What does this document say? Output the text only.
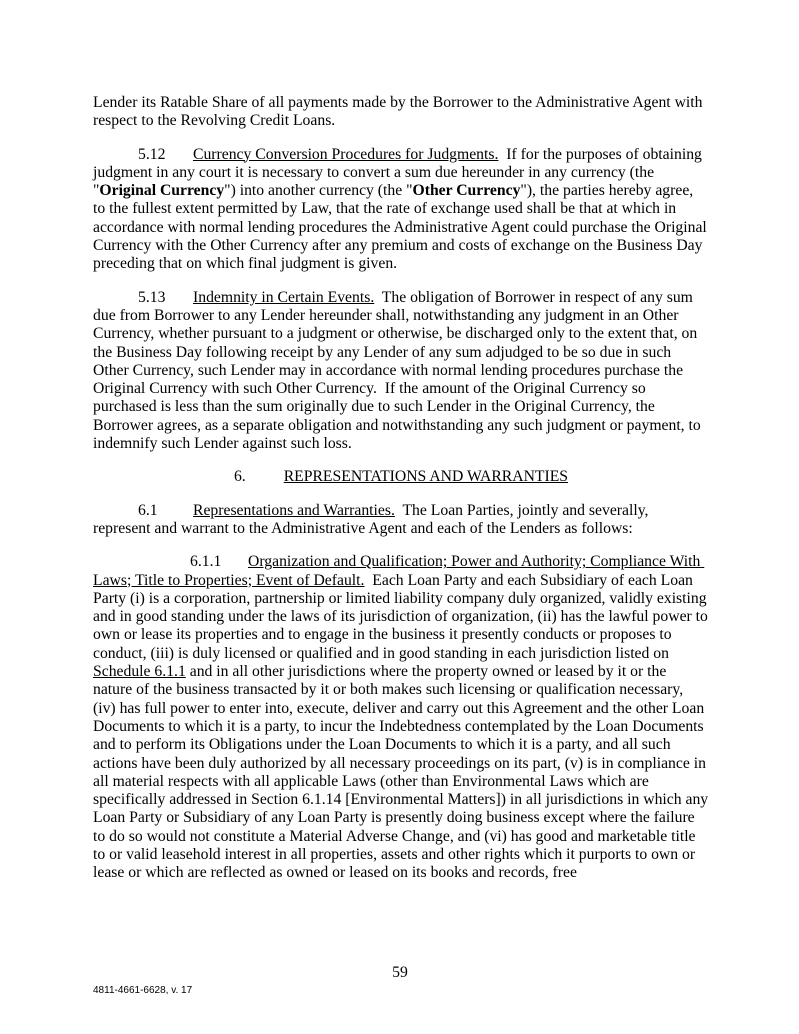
Lender its Ratable Share of all payments made by the Borrower to the Administrative Agent with respect to the Revolving Credit Loans.

5.12 Currency Conversion Procedures for Judgments.  If for the purposes of obtaining judgment in any court it is necessary to convert a sum due hereunder in any currency (the "Original Currency") into another currency (the "Other Currency"), the parties hereby agree, to the fullest extent permitted by Law, that the rate of exchange used shall be that at which in accordance with normal lending procedures the Administrative Agent could purchase the Original Currency with the Other Currency after any premium and costs of exchange on the Business Day preceding that on which final judgment is given.

5.13 Indemnity in Certain Events.  The obligation of Borrower in respect of any sum due from Borrower to any Lender hereunder shall, notwithstanding any judgment in an Other Currency, whether pursuant to a judgment or otherwise, be discharged only to the extent that, on the Business Day following receipt by any Lender of any sum adjudged to be so due in such Other Currency, such Lender may in accordance with normal lending procedures purchase the Original Currency with such Other Currency.  If the amount of the Original Currency so purchased is less than the sum originally due to such Lender in the Original Currency, the Borrower agrees, as a separate obligation and notwithstanding any such judgment or payment, to indemnify such Lender against such loss.

6. REPRESENTATIONS AND WARRANTIES

6.1 Representations and Warranties.  The Loan Parties, jointly and severally, represent and warrant to the Administrative Agent and each of the Lenders as follows:

6.1.1 Organization and Qualification; Power and Authority; Compliance With Laws; Title to Properties; Event of Default.  Each Loan Party and each Subsidiary of each Loan Party (i) is a corporation, partnership or limited liability company duly organized, validly existing and in good standing under the laws of its jurisdiction of organization, (ii) has the lawful power to own or lease its properties and to engage in the business it presently conducts or proposes to conduct, (iii) is duly licensed or qualified and in good standing in each jurisdiction listed on Schedule 6.1.1 and in all other jurisdictions where the property owned or leased by it or the nature of the business transacted by it or both makes such licensing or qualification necessary, (iv) has full power to enter into, execute, deliver and carry out this Agreement and the other Loan Documents to which it is a party, to incur the Indebtedness contemplated by the Loan Documents and to perform its Obligations under the Loan Documents to which it is a party, and all such actions have been duly authorized by all necessary proceedings on its part, (v) is in compliance in all material respects with all applicable Laws (other than Environmental Laws which are specifically addressed in Section 6.1.14 [Environmental Matters]) in all jurisdictions in which any Loan Party or Subsidiary of any Loan Party is presently doing business except where the failure to do so would not constitute a Material Adverse Change, and (vi) has good and marketable title to or valid leasehold interest in all properties, assets and other rights which it purports to own or lease or which are reflected as owned or leased on its books and records, free

59
4811-4661-6628, v. 17
